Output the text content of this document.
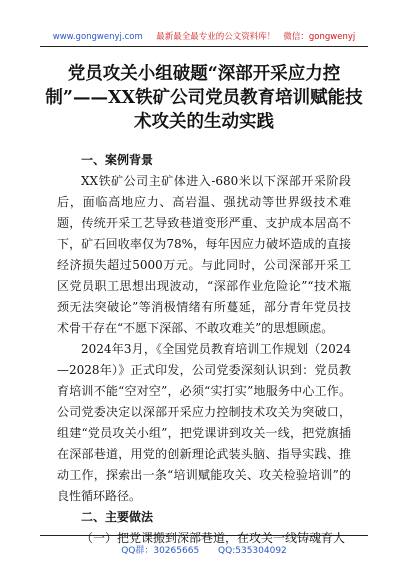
www.gongwenyj.com 最新最全最专业的公文资料库！ 微信：gongwenyj
党员攻关小组破题“深部开采应力控制”——XX铁矿公司党员教育培训赋能技术攻关的生动实践

一、案例背景

XX铁矿公司主矿体进入-680米以下深部开采阶段后，面临高地应力、高岩温、强扰动等世界级技术难题，传统开采工艺导致巷道变形严重、支护成本居高不下，矿石回收率仅为78%，每年因应力破坏造成的直接经济损失超过5000万元。与此同时，公司深部开采工区党员职工思想出现波动，“深部作业危险论”“技术瓶颈无法突破论”等消极情绪有所蔓延，部分青年党员技术骨干存在“不愿下深部、不敢攻难关”的思想顾虑。

2024年3月，《全国党员教育培训工作规划（2024—2028年）》正式印发，公司党委深刻认识到：党员教育培训不能“空对空”，必须“实打实”地服务中心工作。公司党委决定以深部开采应力控制技术攻关为突破口，组建“党员攻关小组”，把党课讲到攻关一线，把党旗插在深部巷道，用党的创新理论武装头脑、指导实践、推动工作，探索出一条“培训赋能攻关、攻关检验培训”的良性循环路径。

二、主要做法

（一）把党课搬到深部巷道，在攻关一线铸魂育人

QQ群：30265665 QQ:535304092
